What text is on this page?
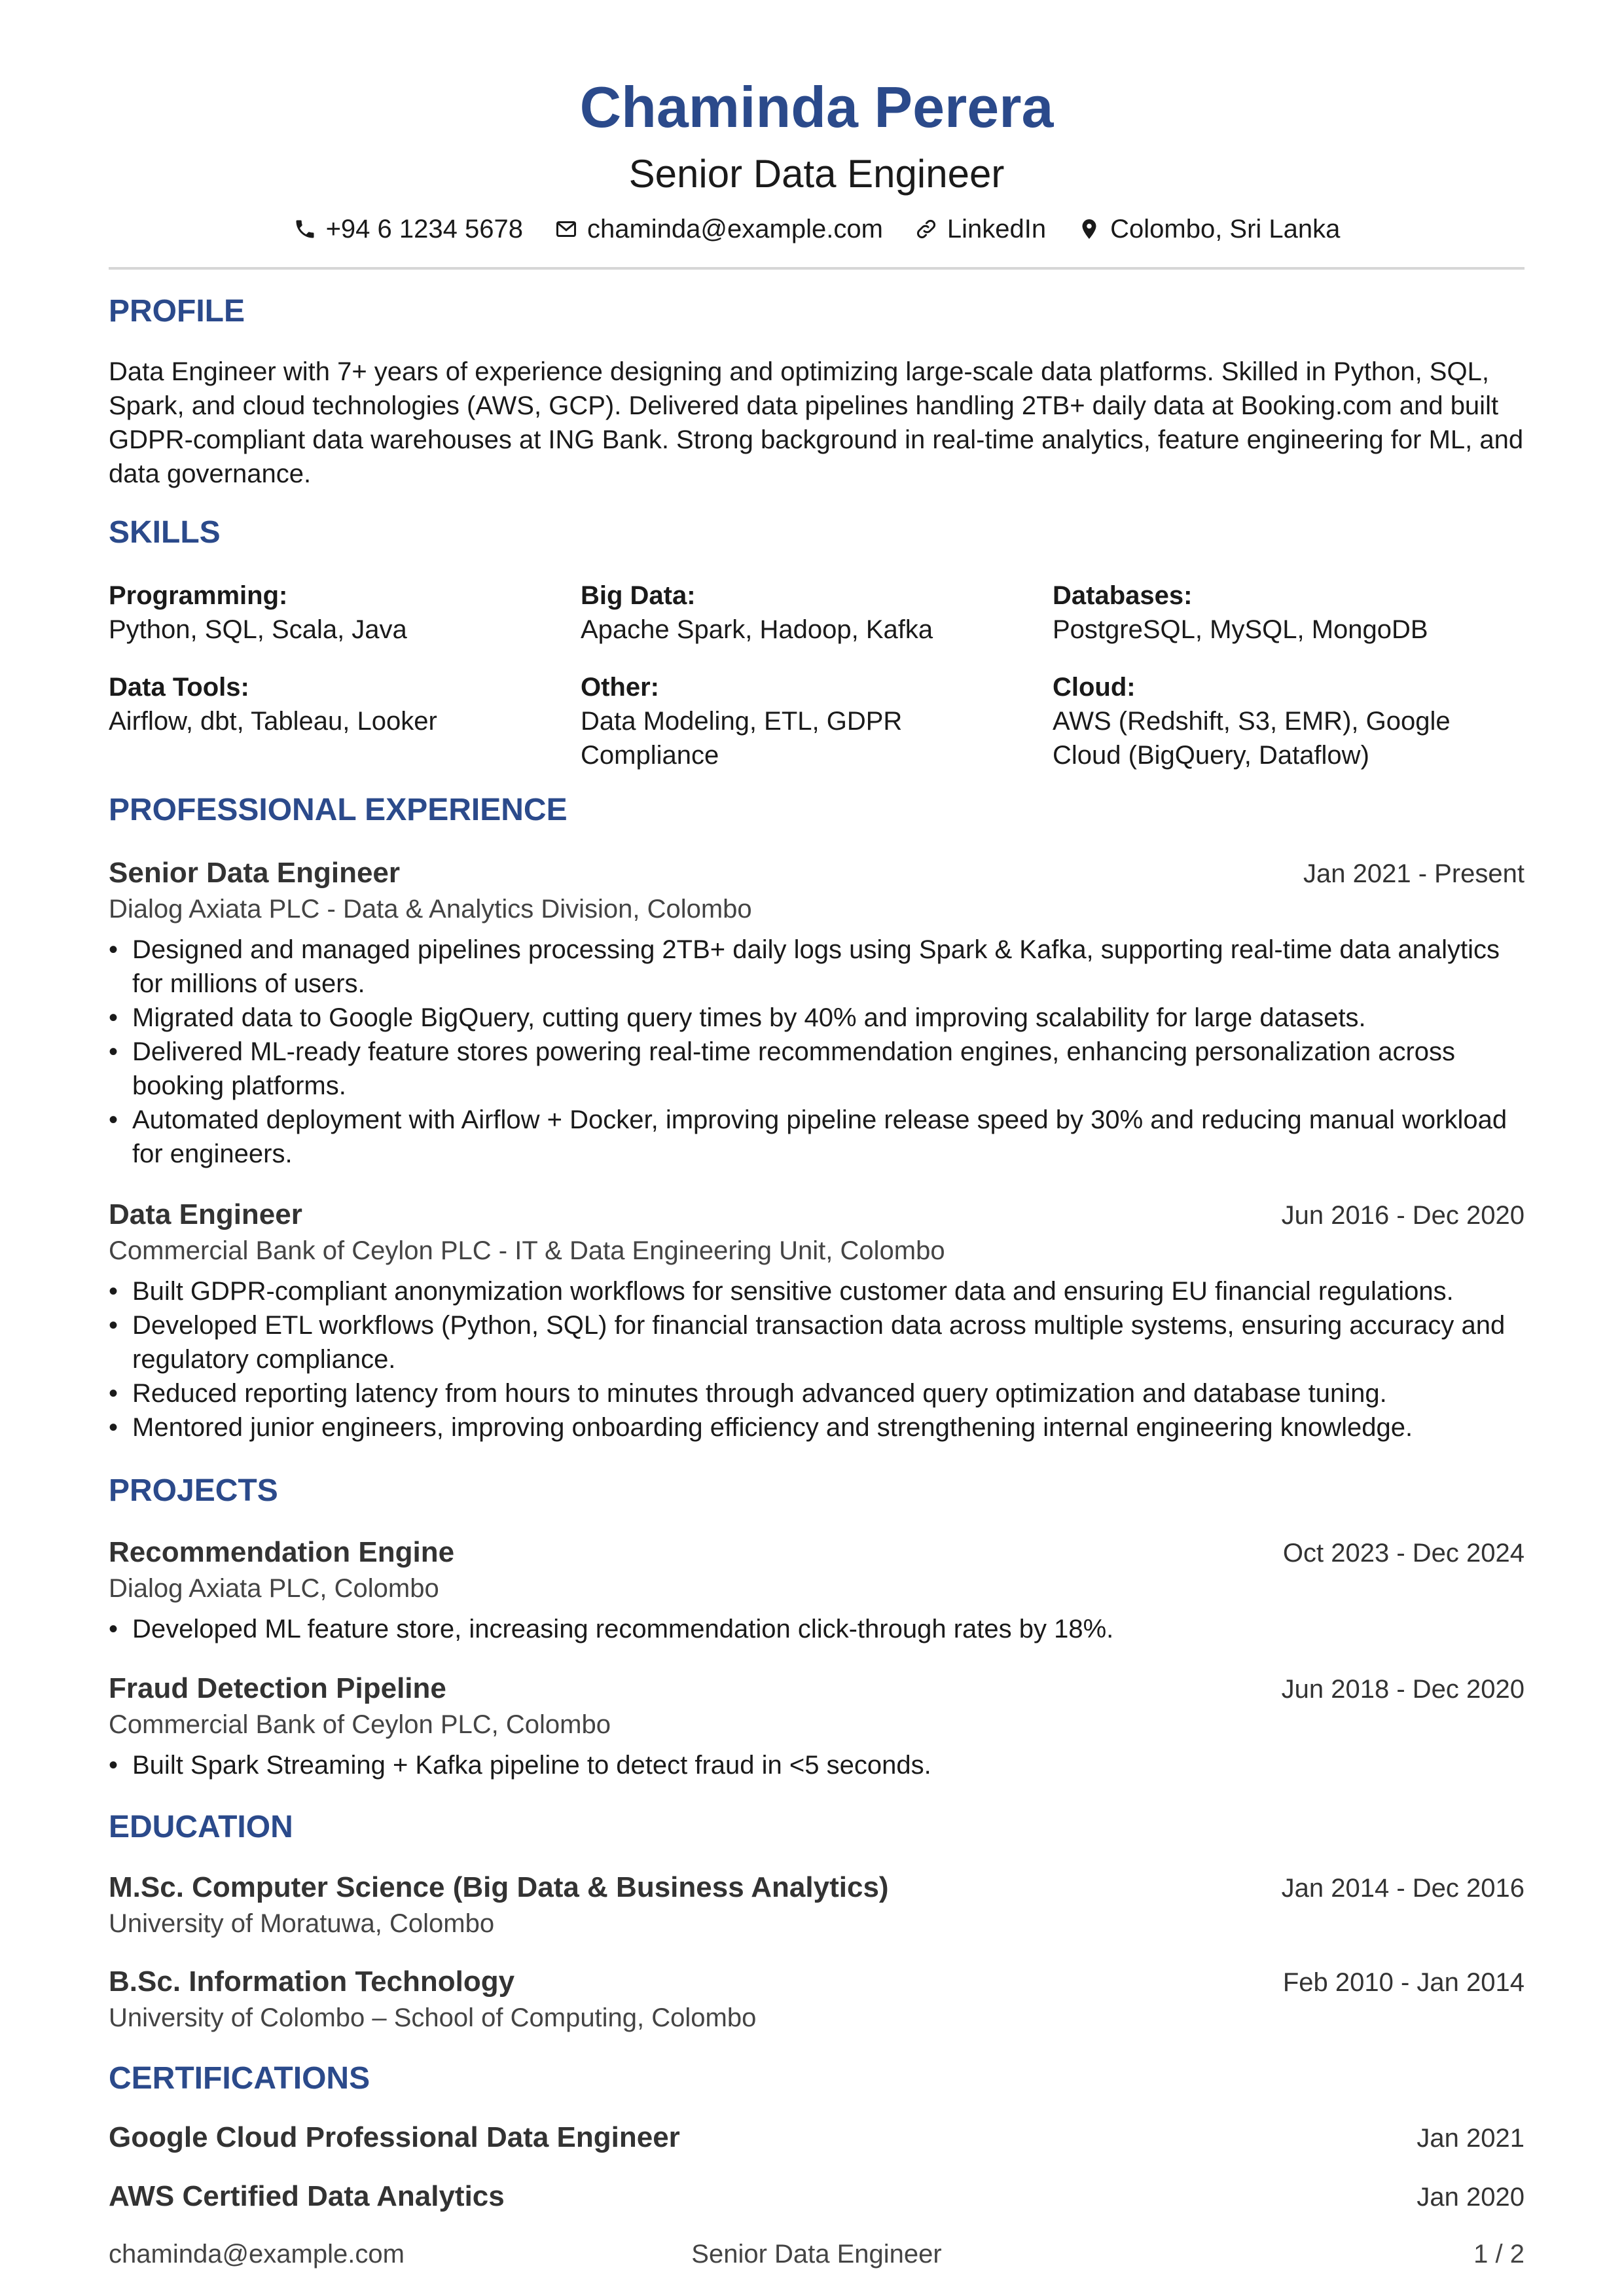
Chaminda Perera
Senior Data Engineer
+94 6 1234 5678 chaminda@example.com LinkedIn Colombo, Sri Lanka
PROFILE
Data Engineer with 7+ years of experience designing and optimizing large-scale data platforms. Skilled in Python, SQL, Spark, and cloud technologies (AWS, GCP). Delivered data pipelines handling 2TB+ daily data at Booking.com and built GDPR-compliant data warehouses at ING Bank. Strong background in real-time analytics, feature engineering for ML, and data governance.
SKILLS
Programming:
Python, SQL, Scala, Java
Big Data:
Apache Spark, Hadoop, Kafka
Databases:
PostgreSQL, MySQL, MongoDB
Data Tools:
Airflow, dbt, Tableau, Looker
Other:
Data Modeling, ETL, GDPR Compliance
Cloud:
AWS (Redshift, S3, EMR), Google Cloud (BigQuery, Dataflow)
PROFESSIONAL EXPERIENCE
Senior Data Engineer	Jan 2021 - Present
Dialog Axiata PLC - Data & Analytics Division, Colombo
• Designed and managed pipelines processing 2TB+ daily logs using Spark & Kafka, supporting real-time data analytics for millions of users.
• Migrated data to Google BigQuery, cutting query times by 40% and improving scalability for large datasets.
• Delivered ML-ready feature stores powering real-time recommendation engines, enhancing personalization across booking platforms.
• Automated deployment with Airflow + Docker, improving pipeline release speed by 30% and reducing manual workload for engineers.
Data Engineer	Jun 2016 - Dec 2020
Commercial Bank of Ceylon PLC - IT & Data Engineering Unit, Colombo
• Built GDPR-compliant anonymization workflows for sensitive customer data and ensuring EU financial regulations.
• Developed ETL workflows (Python, SQL) for financial transaction data across multiple systems, ensuring accuracy and regulatory compliance.
• Reduced reporting latency from hours to minutes through advanced query optimization and database tuning.
• Mentored junior engineers, improving onboarding efficiency and strengthening internal engineering knowledge.
PROJECTS
Recommendation Engine	Oct 2023 - Dec 2024
Dialog Axiata PLC, Colombo
• Developed ML feature store, increasing recommendation click-through rates by 18%.
Fraud Detection Pipeline	Jun 2018 - Dec 2020
Commercial Bank of Ceylon PLC, Colombo
• Built Spark Streaming + Kafka pipeline to detect fraud in <5 seconds.
EDUCATION
M.Sc. Computer Science (Big Data & Business Analytics)	Jan 2014 - Dec 2016
University of Moratuwa, Colombo
B.Sc. Information Technology	Feb 2010 - Jan 2014
University of Colombo – School of Computing, Colombo
CERTIFICATIONS
Google Cloud Professional Data Engineer	Jan 2021
AWS Certified Data Analytics	Jan 2020
chaminda@example.com	Senior Data Engineer	1 / 2
